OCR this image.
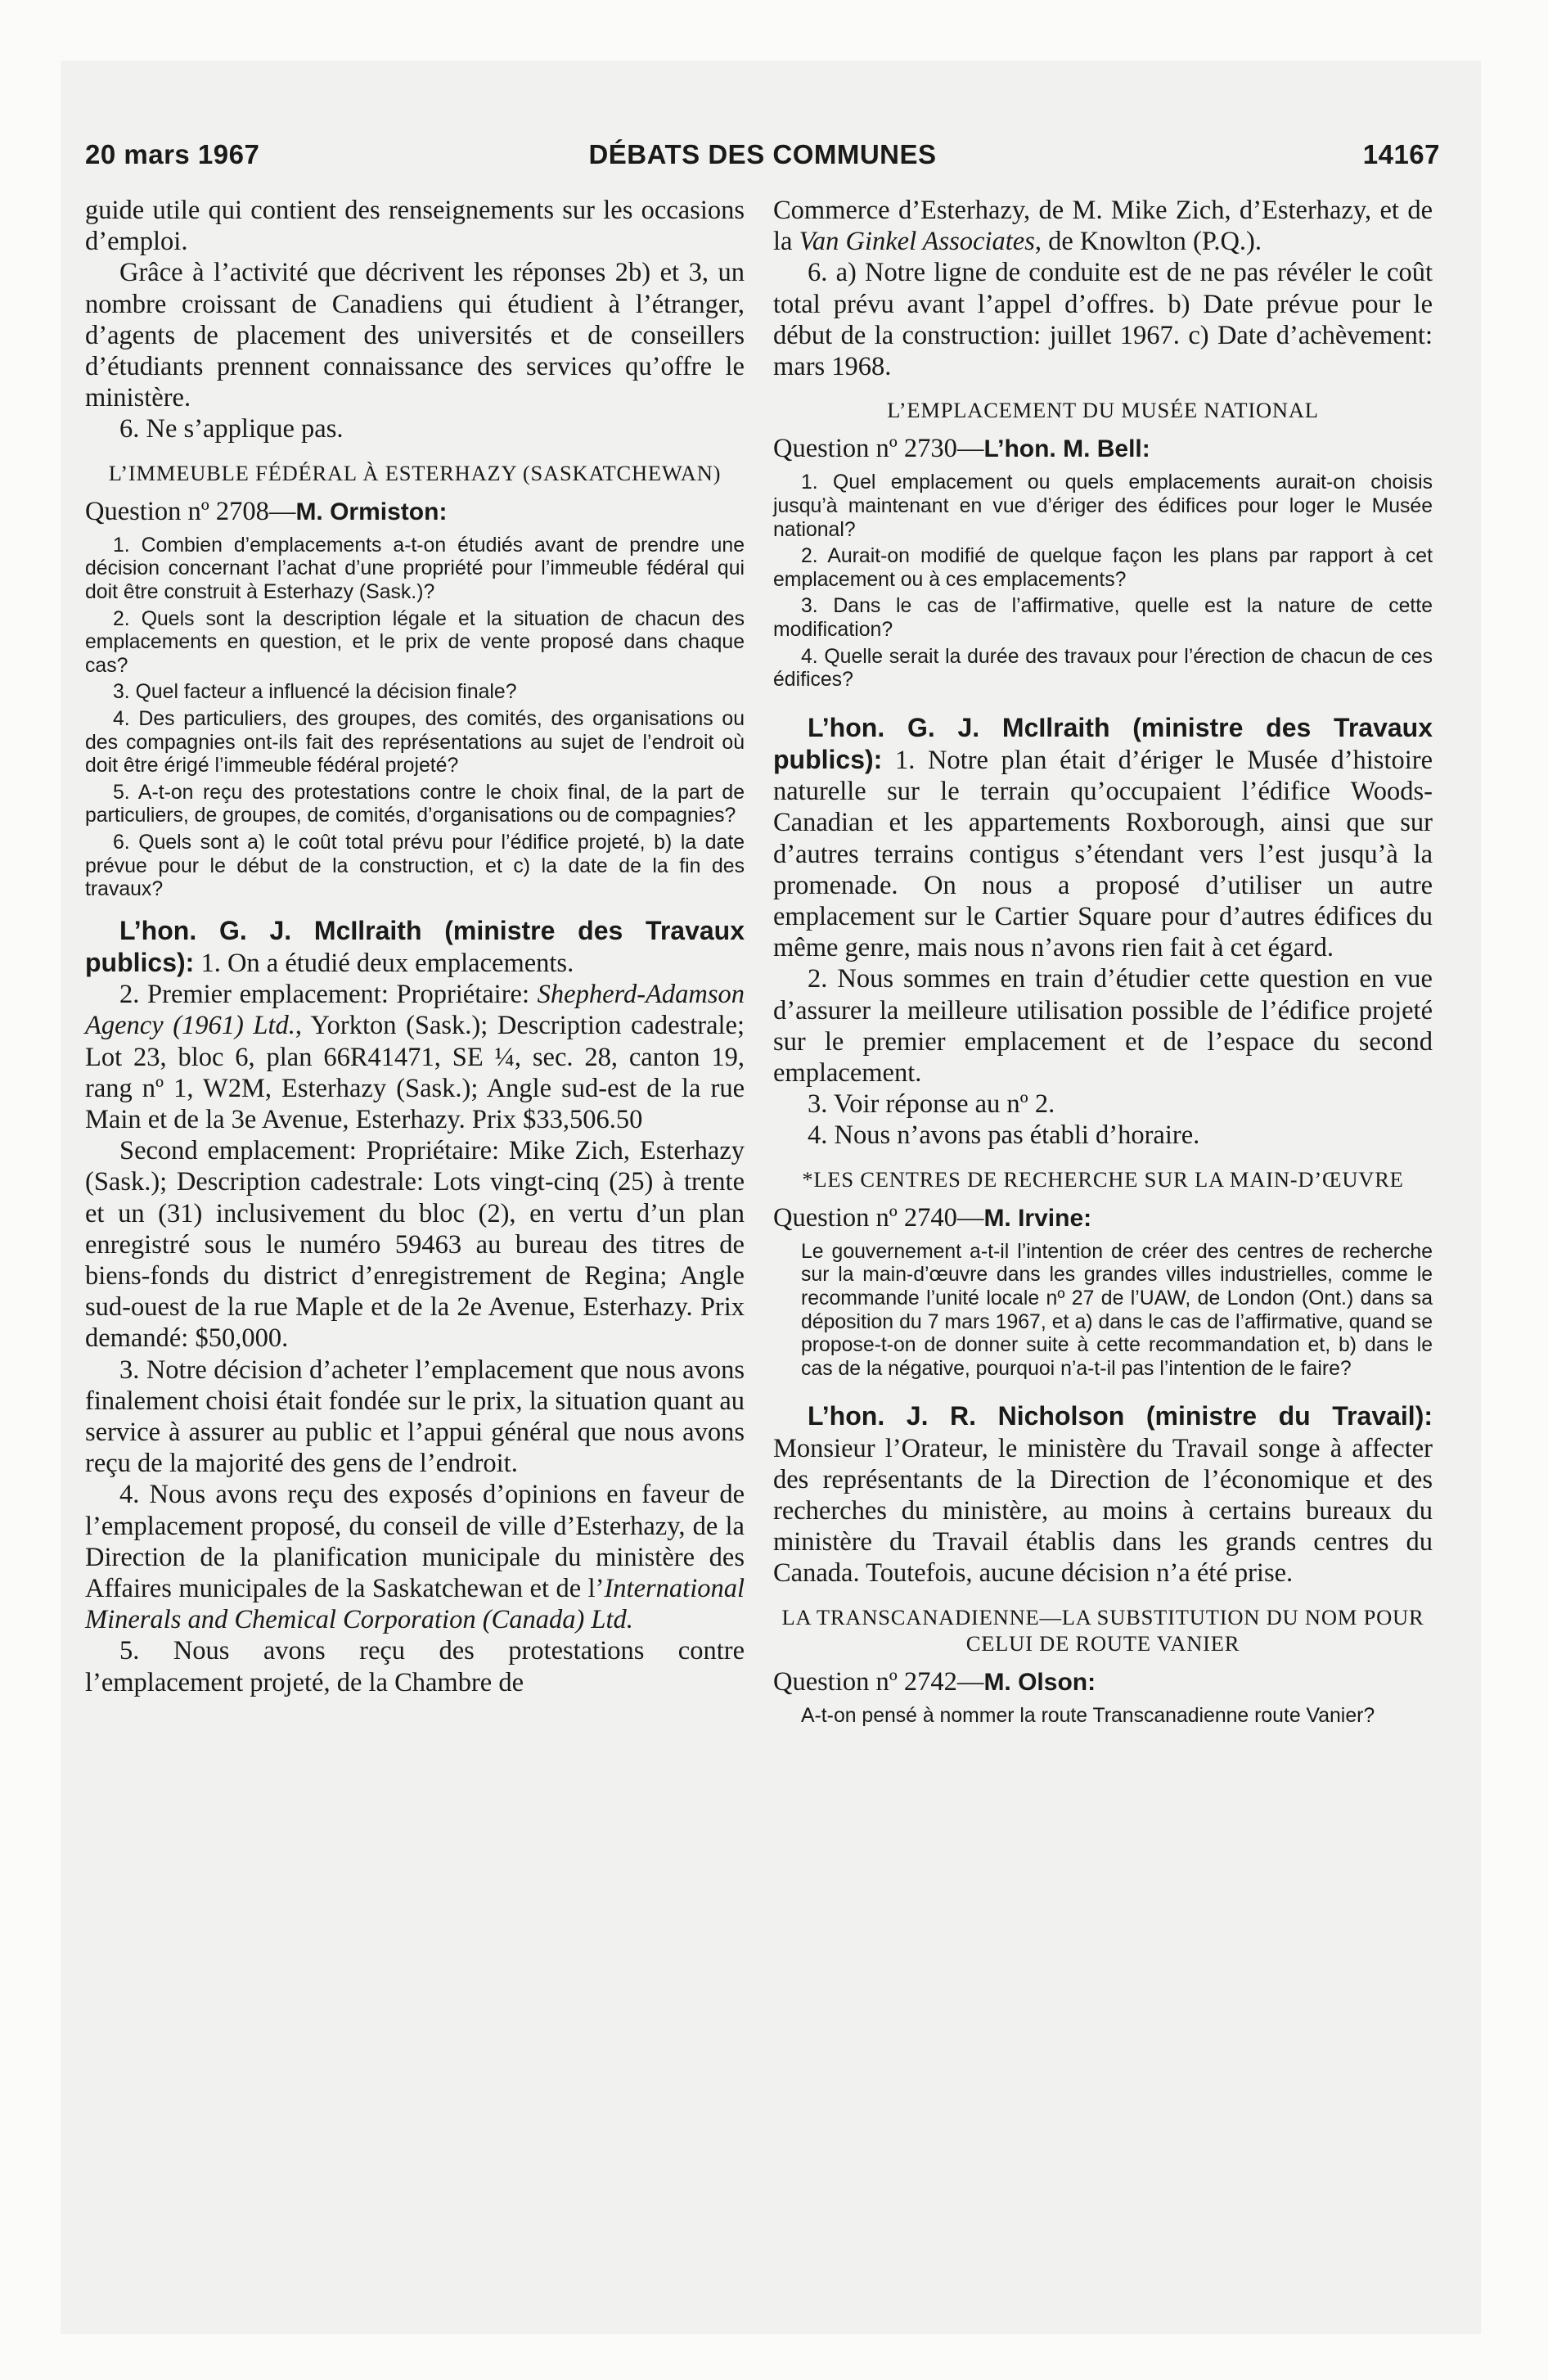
20 mars 1967	DÉBATS DES COMMUNES	14167

guide utile qui contient des renseignements sur les occasions d’emploi.

Grâce à l’activité que décrivent les réponses 2b) et 3, un nombre croissant de Canadiens qui étudient à l’étranger, d’agents de placement des universités et de conseillers d’étudiants prennent connaissance des services qu’offre le ministère.

6. Ne s’applique pas.

L’IMMEUBLE FÉDÉRAL À ESTERHAZY (SASKATCHEWAN)

Question nº 2708—M. Ormiston:

1. Combien d’emplacements a-t-on étudiés avant de prendre une décision concernant l’achat d’une propriété pour l’immeuble fédéral qui doit être construit à Esterhazy (Sask.)?

2. Quels sont la description légale et la situation de chacun des emplacements en question, et le prix de vente proposé dans chaque cas?

3. Quel facteur a influencé la décision finale?

4. Des particuliers, des groupes, des comités, des organisations ou des compagnies ont-ils fait des représentations au sujet de l’endroit où doit être érigé l’immeuble fédéral projeté?

5. A-t-on reçu des protestations contre le choix final, de la part de particuliers, de groupes, de comités, d’organisations ou de compagnies?

6. Quels sont a) le coût total prévu pour l’édifice projeté, b) la date prévue pour le début de la construction, et c) la date de la fin des travaux?

L’hon. G. J. McIlraith (ministre des Travaux publics): 1. On a étudié deux emplacements.

2. Premier emplacement: Propriétaire: Shepherd-Adamson Agency (1961) Ltd., Yorkton (Sask.); Description cadestrale; Lot 23, bloc 6, plan 66R41471, SE ¼, sec. 28, canton 19, rang nº 1, W2M, Esterhazy (Sask.); Angle sud-est de la rue Main et de la 3e Avenue, Esterhazy. Prix $33,506.50

Second emplacement: Propriétaire: Mike Zich, Esterhazy (Sask.); Description cadestrale: Lots vingt-cinq (25) à trente et un (31) inclusivement du bloc (2), en vertu d’un plan enregistré sous le numéro 59463 au bureau des titres de biens-fonds du district d’enregistrement de Regina; Angle sud-ouest de la rue Maple et de la 2e Avenue, Esterhazy. Prix demandé: $50,000.

3. Notre décision d’acheter l’emplacement que nous avons finalement choisi était fondée sur le prix, la situation quant au service à assurer au public et l’appui général que nous avons reçu de la majorité des gens de l’endroit.

4. Nous avons reçu des exposés d’opinions en faveur de l’emplacement proposé, du conseil de ville d’Esterhazy, de la Direction de la planification municipale du ministère des Affaires municipales de la Saskatchewan et de l’International Minerals and Chemical Corporation (Canada) Ltd.

5. Nous avons reçu des protestations contre l’emplacement projeté, de la Chambre de

Commerce d’Esterhazy, de M. Mike Zich, d’Esterhazy, et de la Van Ginkel Associates, de Knowlton (P.Q.).

6. a) Notre ligne de conduite est de ne pas révéler le coût total prévu avant l’appel d’offres. b) Date prévue pour le début de la construction: juillet 1967. c) Date d’achèvement: mars 1968.

L’EMPLACEMENT DU MUSÉE NATIONAL

Question nº 2730—L’hon. M. Bell:

1. Quel emplacement ou quels emplacements aurait-on choisis jusqu’à maintenant en vue d’ériger des édifices pour loger le Musée national?

2. Aurait-on modifié de quelque façon les plans par rapport à cet emplacement ou à ces emplacements?

3. Dans le cas de l’affirmative, quelle est la nature de cette modification?

4. Quelle serait la durée des travaux pour l’érection de chacun de ces édifices?

L’hon. G. J. McIlraith (ministre des Travaux publics): 1. Notre plan était d’ériger le Musée d’histoire naturelle sur le terrain qu’occupaient l’édifice Woods-Canadian et les appartements Roxborough, ainsi que sur d’autres terrains contigus s’étendant vers l’est jusqu’à la promenade. On nous a proposé d’utiliser un autre emplacement sur le Cartier Square pour d’autres édifices du même genre, mais nous n’avons rien fait à cet égard.

2. Nous sommes en train d’étudier cette question en vue d’assurer la meilleure utilisation possible de l’édifice projeté sur le premier emplacement et de l’espace du second emplacement.

3. Voir réponse au nº 2.

4. Nous n’avons pas établi d’horaire.

*LES CENTRES DE RECHERCHE SUR LA MAIN-D’ŒUVRE

Question nº 2740—M. Irvine:

Le gouvernement a-t-il l’intention de créer des centres de recherche sur la main-d’œuvre dans les grandes villes industrielles, comme le recommande l’unité locale nº 27 de l’UAW, de London (Ont.) dans sa déposition du 7 mars 1967, et a) dans le cas de l’affirmative, quand se propose-t-on de donner suite à cette recommandation et, b) dans le cas de la négative, pourquoi n’a-t-il pas l’intention de le faire?

L’hon. J. R. Nicholson (ministre du Travail): Monsieur l’Orateur, le ministère du Travail songe à affecter des représentants de la Direction de l’économique et des recherches du ministère, au moins à certains bureaux du ministère du Travail établis dans les grands centres du Canada. Toutefois, aucune décision n’a été prise.

LA TRANSCANADIENNE—LA SUBSTITUTION DU NOM POUR CELUI DE ROUTE VANIER

Question nº 2742—M. Olson:

A-t-on pensé à nommer la route Transcanadienne route Vanier?
